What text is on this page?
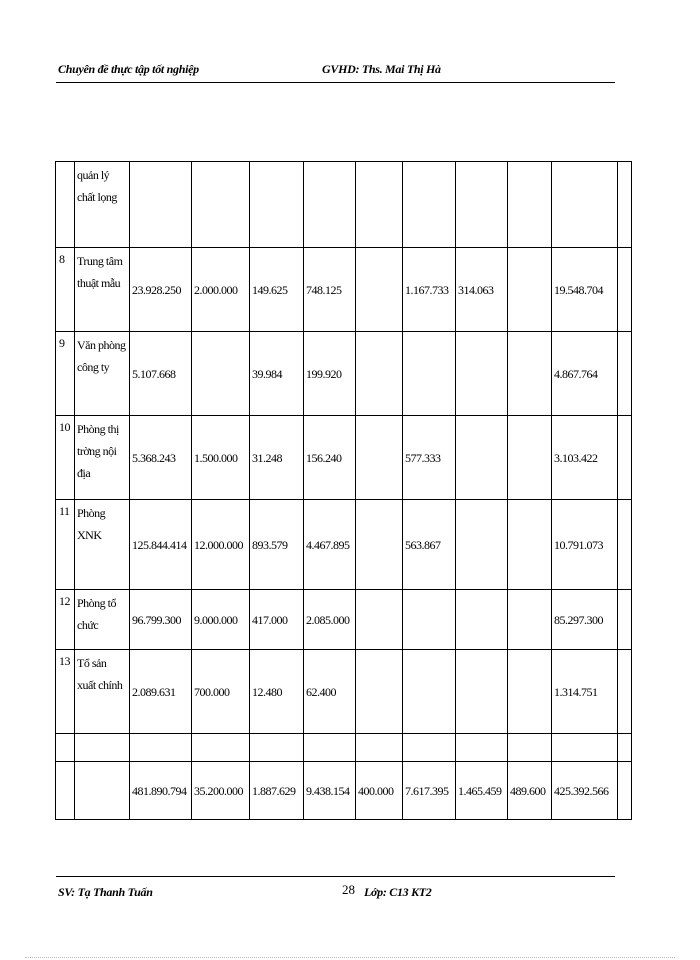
Chuyên đề thực tập tốt nghiệp	GVHD: Ths. Mai Thị Hà
	quản lý chất lọng										
8	Trung tâm thuật mẫu	23.928.250	2.000.000	149.625	748.125		1.167.733	314.063		19.548.704	
9	Văn phòng công ty	5.107.668		39.984	199.920					4.867.764	
10	Phòng thị trờng nội địa	5.368.243	1.500.000	31.248	156.240		577.333			3.103.422	
11	Phòng XNK	125.844.414	12.000.000	893.579	4.467.895		563.867			10.791.073	
12	Phòng tổ chức	96.799.300	9.000.000	417.000	2.085.000					85.297.300	
13	Tổ sản xuất chính	2.089.631	700.000	12.480	62.400					1.314.751	

		481.890.794	35.200.000	1.887.629	9.438.154	400.000	7.617.395	1.465.459	489.600	425.392.566	
SV: Tạ Thanh Tuấn	28 Lớp: C13 KT2
